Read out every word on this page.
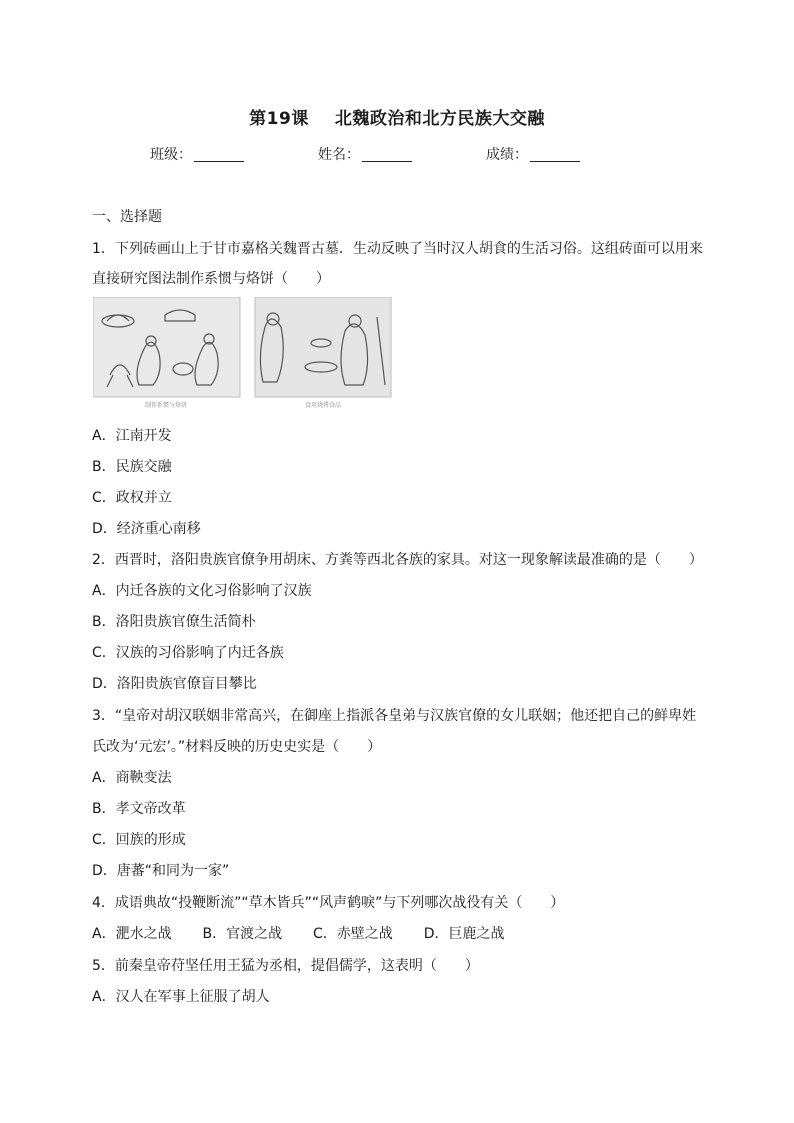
第19课 北魏政治和北方民族大交融
班级：	姓名：	成绩：
一、选择题
1．下列砖画山上于甘市嘉格关魏晋古墓．生动反映了当时汉人胡食的生活习俗。这组砖面可以用来
直接研究图法制作系惯与烙饼（　　）
制作系惯与烙饼	食用烧烤食品
A．江南开发
B．民族交融
C．政权并立
D．经济重心南移
2．西晋时，洛阳贵族官僚争用胡床、方粪等西北各族的家具。对这一现象解读最准确的是（　　）
A．内迁各族的文化习俗影响了汉族
B．洛阳贵族官僚生活简朴
C．汉族的习俗影响了内迁各族
D．洛阳贵族官僚盲目攀比
3．“皇帝对胡汉联姻非常高兴，在御座上指派各皇弟与汉族官僚的女儿联姻；他还把自己的鲜卑姓
氏改为‘元宏’。”材料反映的历史史实是（　　）
A．商鞅变法
B．孝文帝改革
C．回族的形成
D．唐蕃“和同为一家”
4．成语典故“投鞭断流”“草木皆兵”“风声鹤唳”与下列哪次战役有关（　　）
A．淝水之战 B．官渡之战 C．赤壁之战 D．巨鹿之战
5．前秦皇帝苻坚任用王猛为丞相，提倡儒学，这表明（　　）
A．汉人在军事上征服了胡人
